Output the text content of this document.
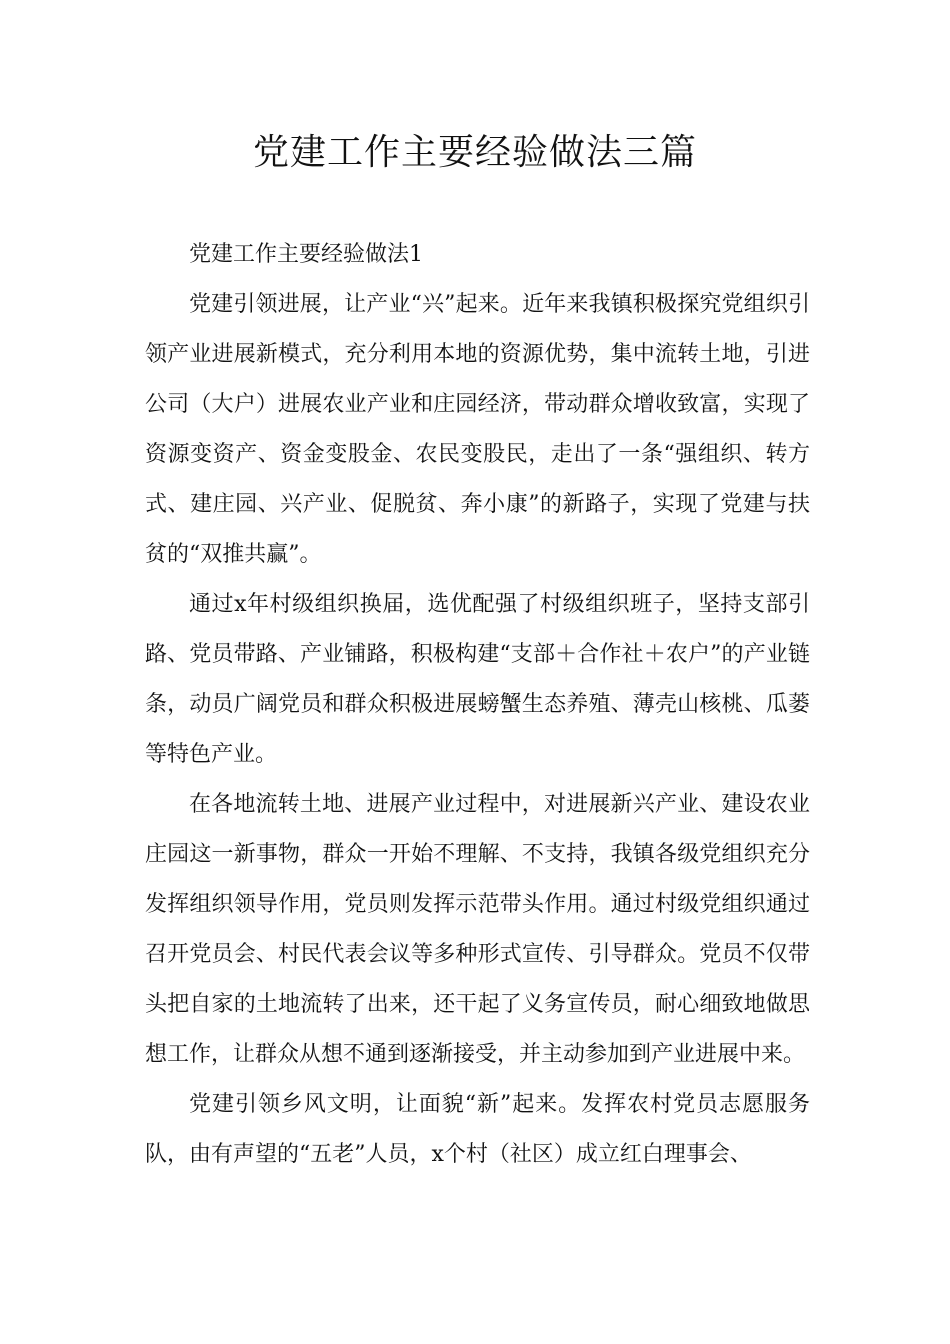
党建工作主要经验做法三篇

党建工作主要经验做法1

党建引领进展，让产业“兴”起来。近年来我镇积极探究党组织引领产业进展新模式，充分利用本地的资源优势，集中流转土地，引进公司（大户）进展农业产业和庄园经济，带动群众增收致富，实现了资源变资产、资金变股金、农民变股民，走出了一条“强组织、转方式、建庄园、兴产业、促脱贫、奔小康”的新路子，实现了党建与扶贫的“双推共赢”。

通过x年村级组织换届，选优配强了村级组织班子，坚持支部引路、党员带路、产业铺路，积极构建“支部＋合作社＋农户”的产业链条，动员广阔党员和群众积极进展螃蟹生态养殖、薄壳山核桃、瓜蒌等特色产业。

在各地流转土地、进展产业过程中，对进展新兴产业、建设农业庄园这一新事物，群众一开始不理解、不支持，我镇各级党组织充分发挥组织领导作用，党员则发挥示范带头作用。通过村级党组织通过召开党员会、村民代表会议等多种形式宣传、引导群众。党员不仅带头把自家的土地流转了出来，还干起了义务宣传员，耐心细致地做思想工作，让群众从想不通到逐渐接受，并主动参加到产业进展中来。

党建引领乡风文明，让面貌“新”起来。发挥农村党员志愿服务队，由有声望的“五老”人员，x个村（社区）成立红白理事会、
